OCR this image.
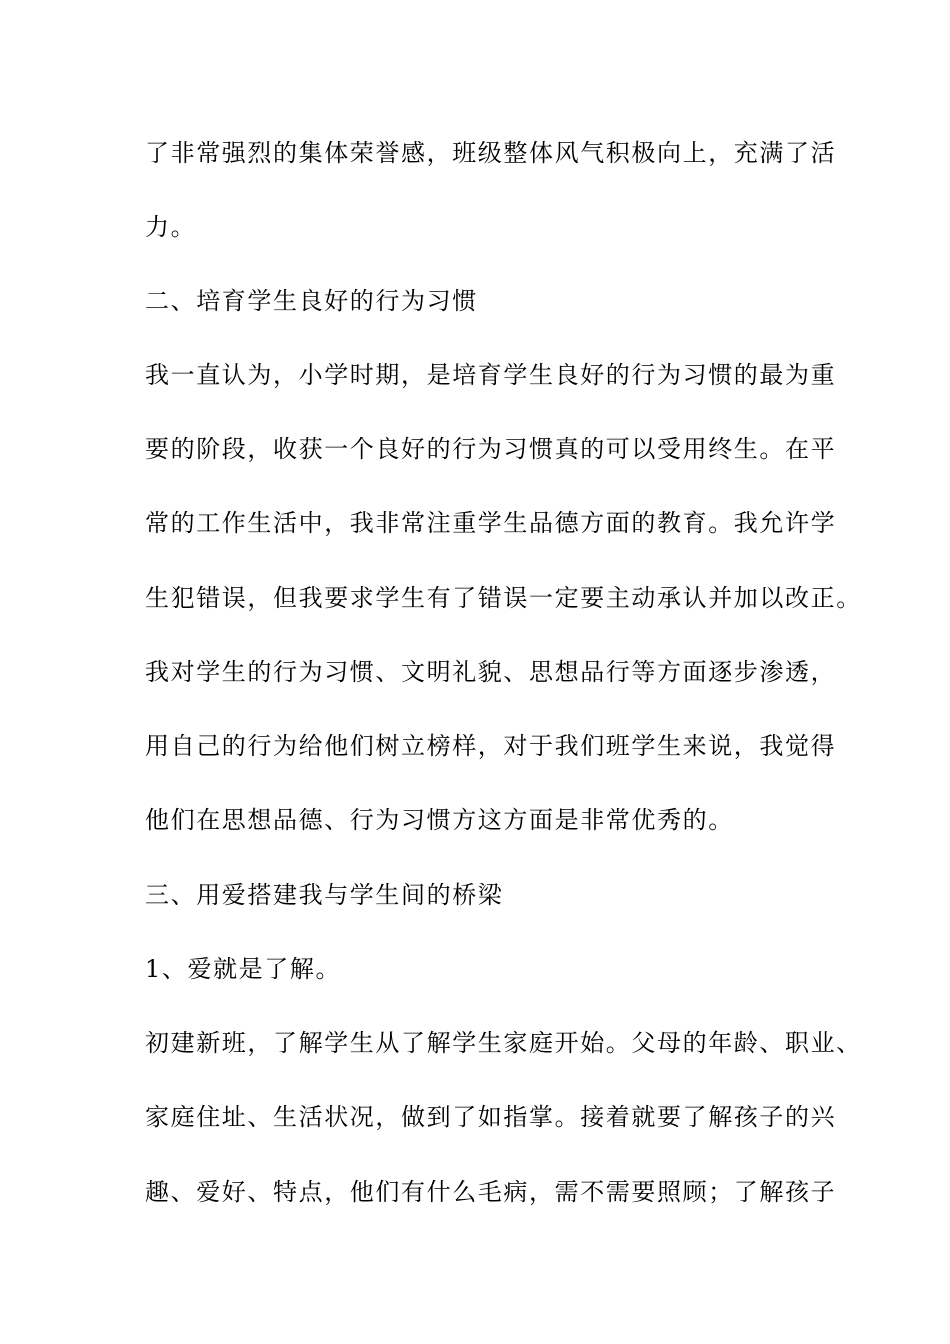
了非常强烈的集体荣誉感，班级整体风气积极向上，充满了活
力。
二、培育学生良好的行为习惯
我一直认为，小学时期，是培育学生良好的行为习惯的最为重
要的阶段，收获一个良好的行为习惯真的可以受用终生。在平
常的工作生活中，我非常注重学生品德方面的教育。我允许学
生犯错误，但我要求学生有了错误一定要主动承认并加以改正。
我对学生的行为习惯、文明礼貌、思想品行等方面逐步渗透，
用自己的行为给他们树立榜样，对于我们班学生来说，我觉得
他们在思想品德、行为习惯方这方面是非常优秀的。
三、用爱搭建我与学生间的桥梁
1、爱就是了解。
初建新班，了解学生从了解学生家庭开始。父母的年龄、职业、
家庭住址、生活状况，做到了如指掌。接着就要了解孩子的兴
趣、爱好、特点，他们有什么毛病，需不需要照顾；了解孩子
